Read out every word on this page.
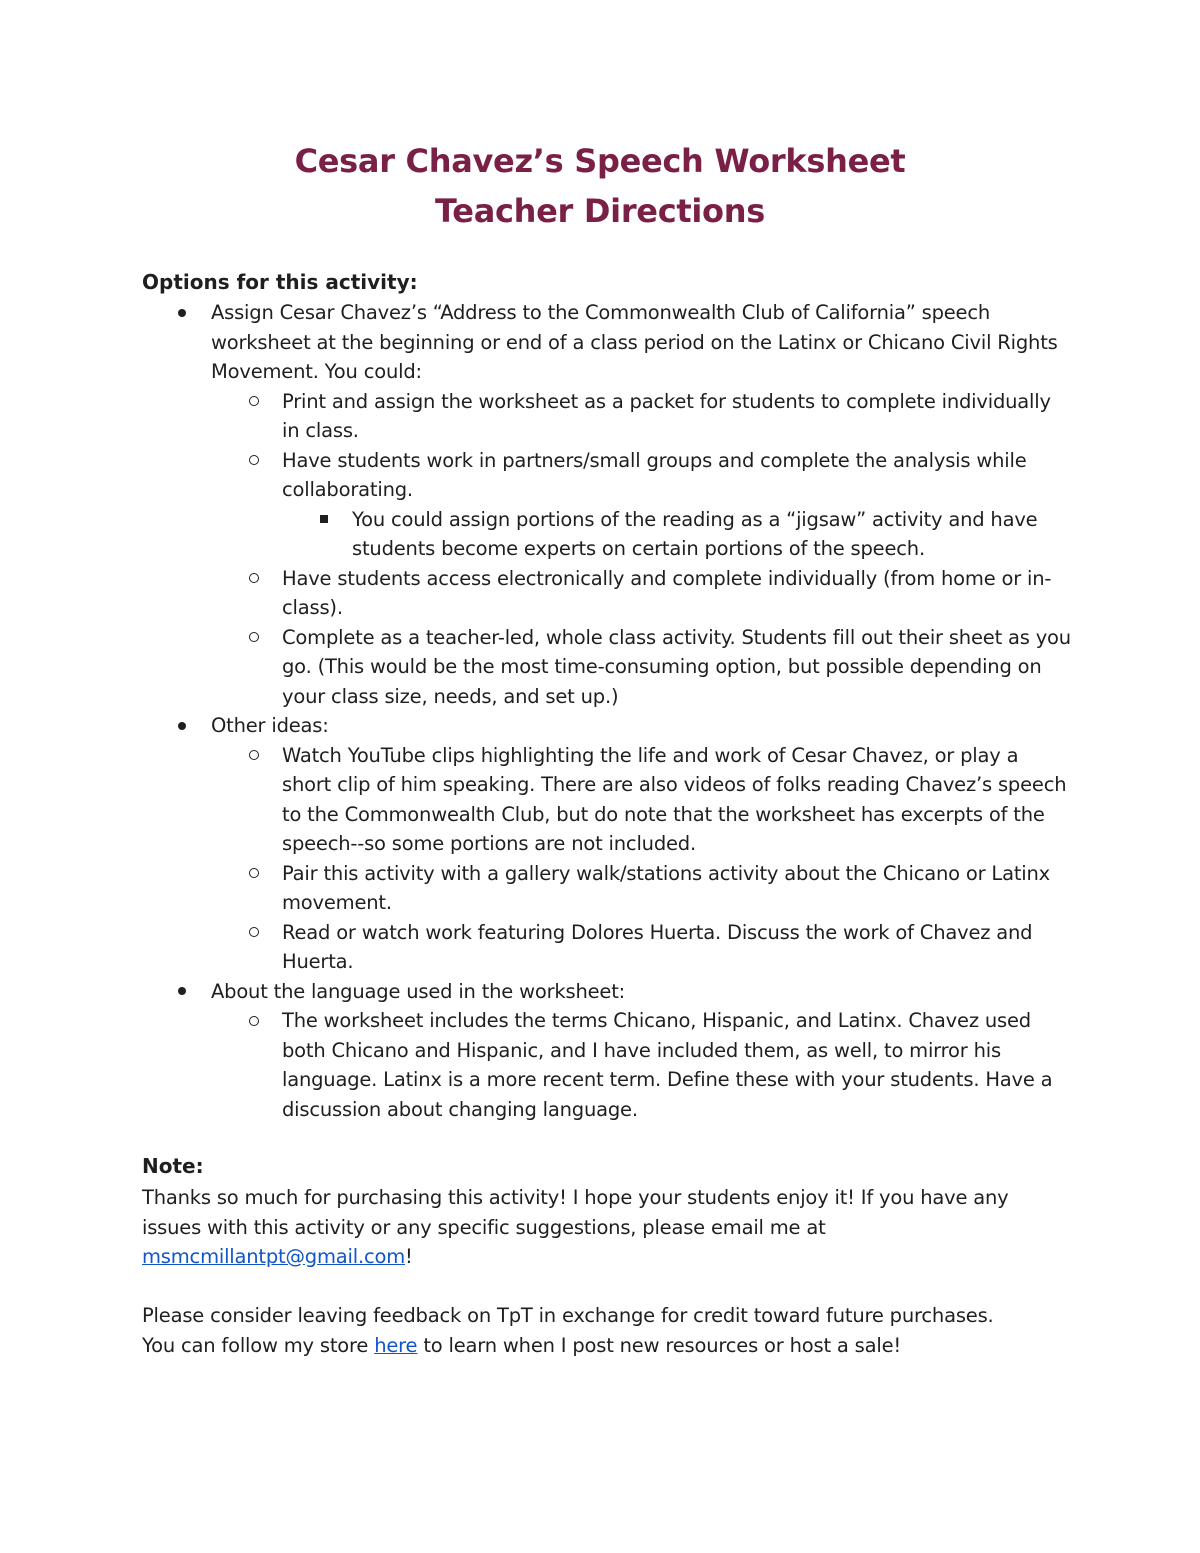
Cesar Chavez’s Speech Worksheet
Teacher Directions
Options for this activity:
Assign Cesar Chavez’s “Address to the Commonwealth Club of California” speech worksheet at the beginning or end of a class period on the Latinx or Chicano Civil Rights Movement. You could:
Print and assign the worksheet as a packet for students to complete individually in class.
Have students work in partners/small groups and complete the analysis while collaborating.
You could assign portions of the reading as a “jigsaw” activity and have students become experts on certain portions of the speech.
Have students access electronically and complete individually (from home or in-class).
Complete as a teacher-led, whole class activity. Students fill out their sheet as you go. (This would be the most time-consuming option, but possible depending on your class size, needs, and set up.)
Other ideas:
Watch YouTube clips highlighting the life and work of Cesar Chavez, or play a short clip of him speaking. There are also videos of folks reading Chavez’s speech to the Commonwealth Club, but do note that the worksheet has excerpts of the speech--so some portions are not included.
Pair this activity with a gallery walk/stations activity about the Chicano or Latinx movement.
Read or watch work featuring Dolores Huerta. Discuss the work of Chavez and Huerta.
About the language used in the worksheet:
The worksheet includes the terms Chicano, Hispanic, and Latinx. Chavez used both Chicano and Hispanic, and I have included them, as well, to mirror his language. Latinx is a more recent term. Define these with your students. Have a discussion about changing language.
Note:
Thanks so much for purchasing this activity! I hope your students enjoy it! If you have any issues with this activity or any specific suggestions, please email me at msmcmillantpt@gmail.com!
Please consider leaving feedback on TpT in exchange for credit toward future purchases.
You can follow my store here to learn when I post new resources or host a sale!
